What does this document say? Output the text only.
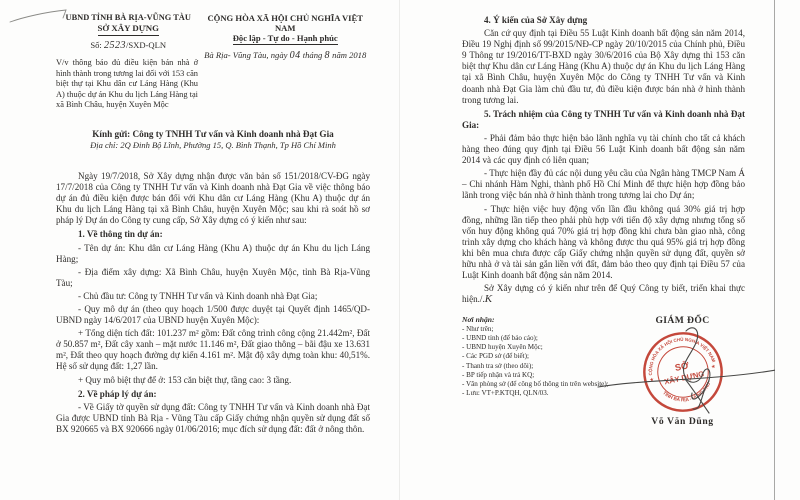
UBND TỈNH BÀ RỊA-VŨNG TÀU
SỞ XÂY DỰNG
Số: 2523/SXD-QLN
V/v thông báo đủ điều kiện bán nhà ở hình thành trong tương lai đối với 153 căn biệt thự tại Khu dân cư Láng Hàng (Khu A) thuộc dự án Khu du lịch Láng Hàng tại xã Bình Châu, huyện Xuyên Mộc
CỘNG HÒA XÃ HỘI CHỦ NGHĨA VIỆT NAM
Độc lập - Tự do - Hạnh phúc
Bà Rịa- Vũng Tàu, ngày 04 tháng 8 năm 2018
Kính gửi: Công ty TNHH Tư vấn và Kinh doanh nhà Đạt Gia
Địa chỉ: 2Q Đinh Bộ Lĩnh, Phường 15, Q. Bình Thạnh, Tp Hồ Chí Minh

Ngày 19/7/2018, Sở Xây dựng nhận được văn bản số 151/2018/CV-ĐG ngày 17/7/2018 của Công ty TNHH Tư vấn và Kinh doanh nhà Đạt Gia về việc thông báo dự án đủ điều kiện được bán đối với Khu dân cư Láng Hàng (Khu A) thuộc dự án Khu du lịch Láng Hàng tại xã Bình Châu, huyện Xuyên Mộc; sau khi rà soát hồ sơ pháp lý Dự án do Công ty cung cấp, Sở Xây dựng có ý kiến như sau:

1. Về thông tin dự án:

- Tên dự án: Khu dân cư Láng Hàng (Khu A) thuộc dự án Khu du lịch Láng Hàng;

- Địa điểm xây dựng: Xã Bình Châu, huyện Xuyên Mộc, tỉnh Bà Rịa-Vũng Tàu;

- Chủ đầu tư: Công ty TNHH Tư vấn và Kinh doanh nhà Đạt Gia;

- Quy mô dự án (theo quy hoạch 1/500 được duyệt tại Quyết định 1465/QD-UBND ngày 14/6/2017 của UBND huyện Xuyên Mộc):

+ Tổng diện tích đất: 101.237 m² gồm: Đất công trình công cộng 21.442m², Đất ở 50.857 m², Đất cây xanh – mặt nước 11.146 m², Đất giao thông – bãi đậu xe 13.631 m², Đất theo quy hoạch đường dự kiến 4.161 m². Mật độ xây dựng toàn khu: 40,51%. Hệ số sử dụng đất: 1,27 lần.

+ Quy mô biệt thự để ở: 153 căn biệt thự, tầng cao: 3 tầng.

2. Về pháp lý dự án:

- Về Giấy tờ quyền sử dụng đất: Công ty TNHH Tư vấn và Kinh doanh nhà Đạt Gia được UBND tỉnh Bà Rịa - Vũng Tàu cấp Giấy chứng nhận quyền sử dụng đất số BX 920665 và BX 920666 ngày 01/06/2016; mục đích sử dụng đất: đất ở nông thôn.

4. Ý kiến của Sở Xây dựng

Căn cứ quy định tại Điều 55 Luật Kinh doanh bất động sản năm 2014, Điều 19 Nghị định số 99/2015/NĐ-CP ngày 20/10/2015 của Chính phủ, Điều 9 Thông tư 19/2016/TT-BXD ngày 30/6/2016 của Bộ Xây dựng thì 153 căn biệt thự Khu dân cư Láng Hàng (Khu A) thuộc dự án Khu du lịch Láng Hàng tại xã Bình Châu, huyện Xuyên Mộc do Công ty TNHH Tư vấn và Kinh doanh nhà Đạt Gia làm chủ đầu tư, đủ điều kiện được bán nhà ở hình thành trong tương lai.

5. Trách nhiệm của Công ty TNHH Tư vấn và Kinh doanh nhà Đạt Gia:

- Phải đảm bảo thực hiện bảo lãnh nghĩa vụ tài chính cho tất cả khách hàng theo đúng quy định tại Điều 56 Luật Kinh doanh bất động sản năm 2014 và các quy định có liên quan;

- Thực hiện đầy đủ các nội dung yêu cầu của Ngân hàng TMCP Nam Á – Chi nhánh Hàm Nghi, thành phố Hồ Chí Minh để thực hiện hợp đồng bảo lãnh trong việc bán nhà ở hình thành trong tương lai cho Dự án;

- Thực hiện việc huy động vốn lần đầu không quá 30% giá trị hợp đồng, những lần tiếp theo phải phù hợp với tiến độ xây dựng nhưng tổng số vốn huy động không quá 70% giá trị hợp đồng khi chưa bàn giao nhà, công trình xây dựng cho khách hàng và không được thu quá 95% giá trị hợp đồng khi bên mua chưa được cấp Giấy chứng nhận quyền sử dụng đất, quyền sở hữu nhà ở và tài sản gắn liền với đất, đảm bảo theo quy định tại Điều 57 của Luật Kinh doanh bất động sản năm 2014.

Sở Xây dựng có ý kiến như trên để Quý Công ty biết, triển khai thực hiện./.K

Nơi nhận:
- Như trên;
- UBND tỉnh (để báo cáo);
- UBND huyện Xuyên Mộc;
- Các PGD sở (để biết);
- Thanh tra sở (theo dõi);
- BP tiếp nhận và trả KQ;
- Văn phòng sở (để công bố thông tin trên website);
- Lưu: VT+P.KTQH, QLN/03.
GIÁM ĐỐC
CỘNG HÒA XÃ HỘI CHỦ NGHĨA VIỆT NAM
TỈNH BÀ RỊA - VŨNG TÀU
★
★
SỞ
XÂY DỰNG
Võ Văn Dũng
